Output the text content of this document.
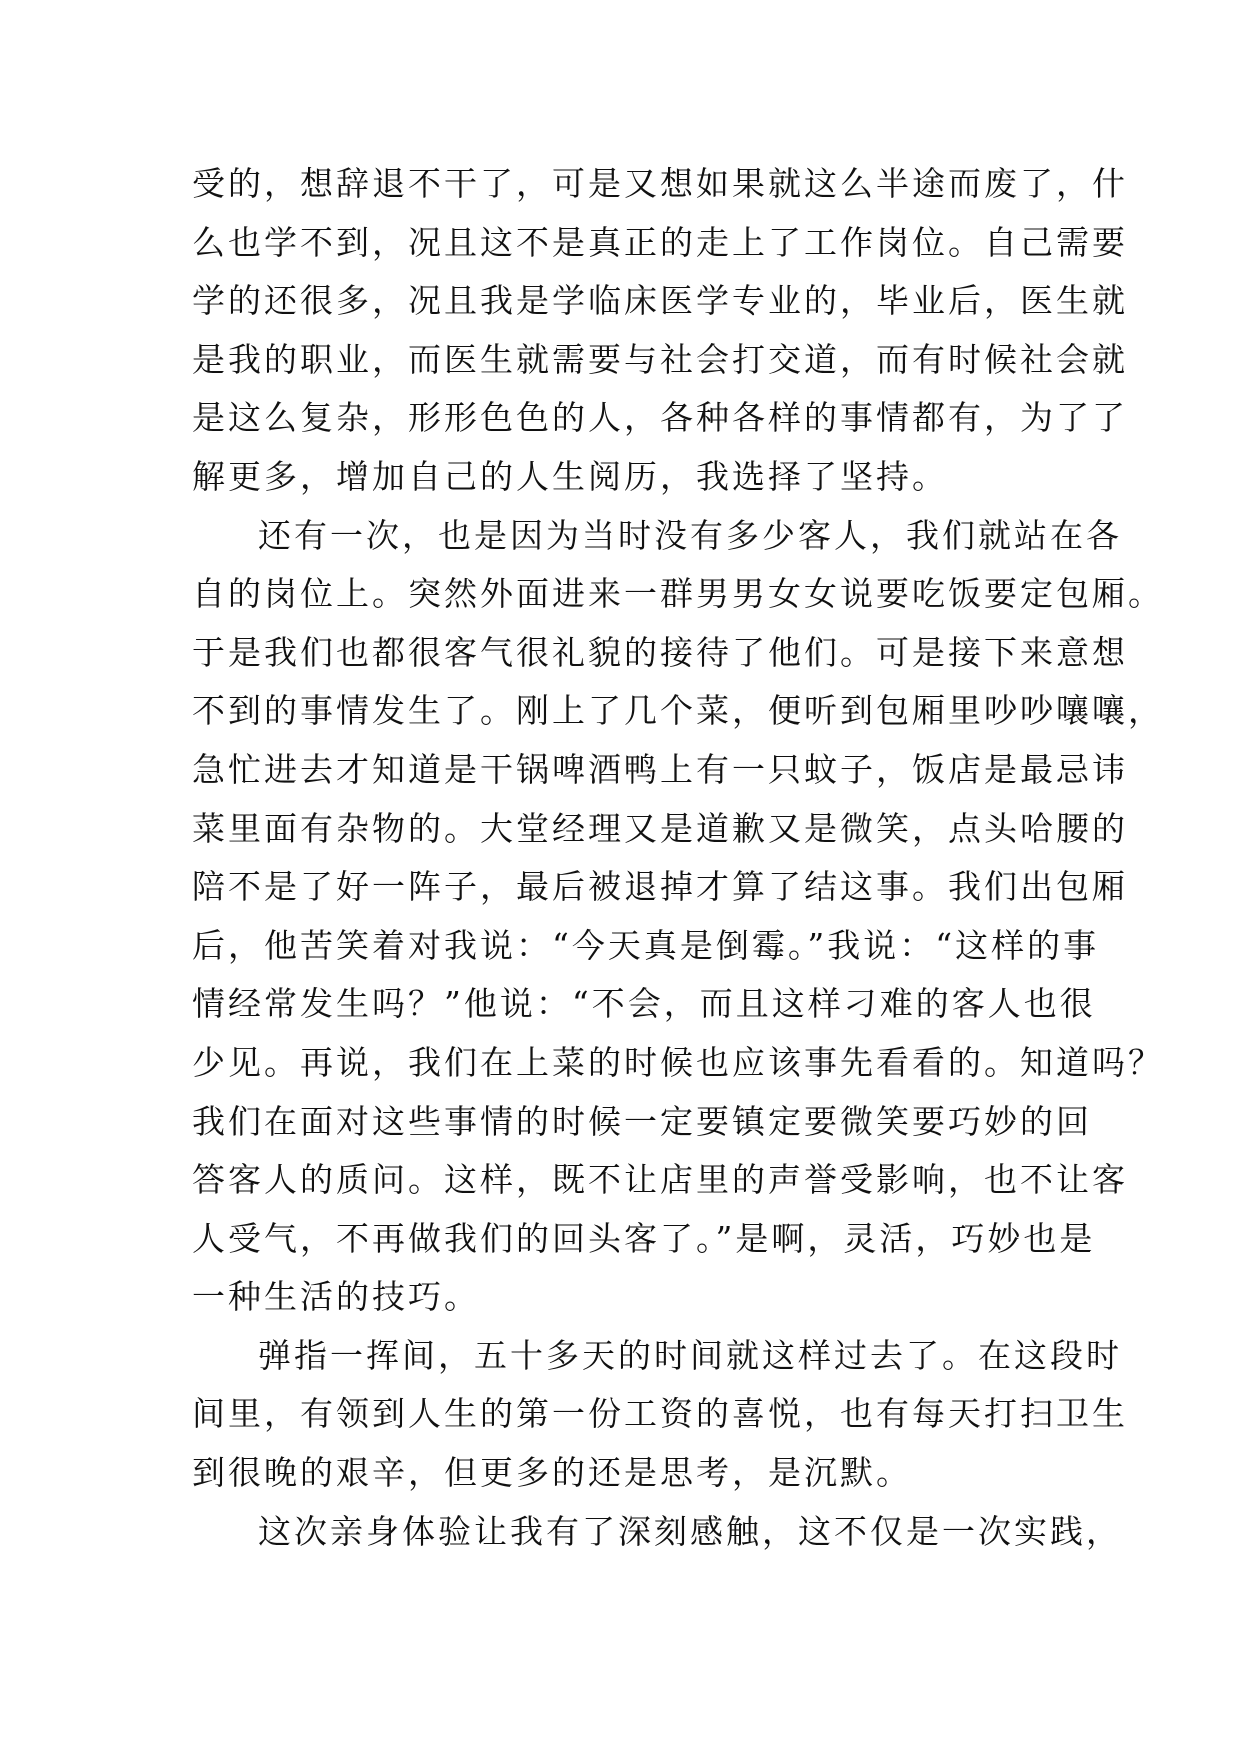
受的，想辞退不干了，可是又想如果就这么半途而废了，什
么也学不到，况且这不是真正的走上了工作岗位。自己需要
学的还很多，况且我是学临床医学专业的，毕业后，医生就
是我的职业，而医生就需要与社会打交道，而有时候社会就
是这么复杂，形形色色的人，各种各样的事情都有，为了了
解更多，增加自己的人生阅历，我选择了坚持。
还有一次，也是因为当时没有多少客人，我们就站在各
自的岗位上。突然外面进来一群男男女女说要吃饭要定包厢。
于是我们也都很客气很礼貌的接待了他们。可是接下来意想
不到的事情发生了。刚上了几个菜，便听到包厢里吵吵嚷嚷，
急忙进去才知道是干锅啤酒鸭上有一只蚊子，饭店是最忌讳
菜里面有杂物的。大堂经理又是道歉又是微笑，点头哈腰的
陪不是了好一阵子，最后被退掉才算了结这事。我们出包厢
后，他苦笑着对我说：“今天真是倒霉。”我说：“这样的事
情经常发生吗？”他说：“不会，而且这样刁难的客人也很
少见。再说，我们在上菜的时候也应该事先看看的。知道吗？
我们在面对这些事情的时候一定要镇定要微笑要巧妙的回
答客人的质问。这样，既不让店里的声誉受影响，也不让客
人受气，不再做我们的回头客了。”是啊，灵活，巧妙也是
一种生活的技巧。
弹指一挥间，五十多天的时间就这样过去了。在这段时
间里，有领到人生的第一份工资的喜悦，也有每天打扫卫生
到很晚的艰辛，但更多的还是思考，是沉默。
这次亲身体验让我有了深刻感触，这不仅是一次实践，
